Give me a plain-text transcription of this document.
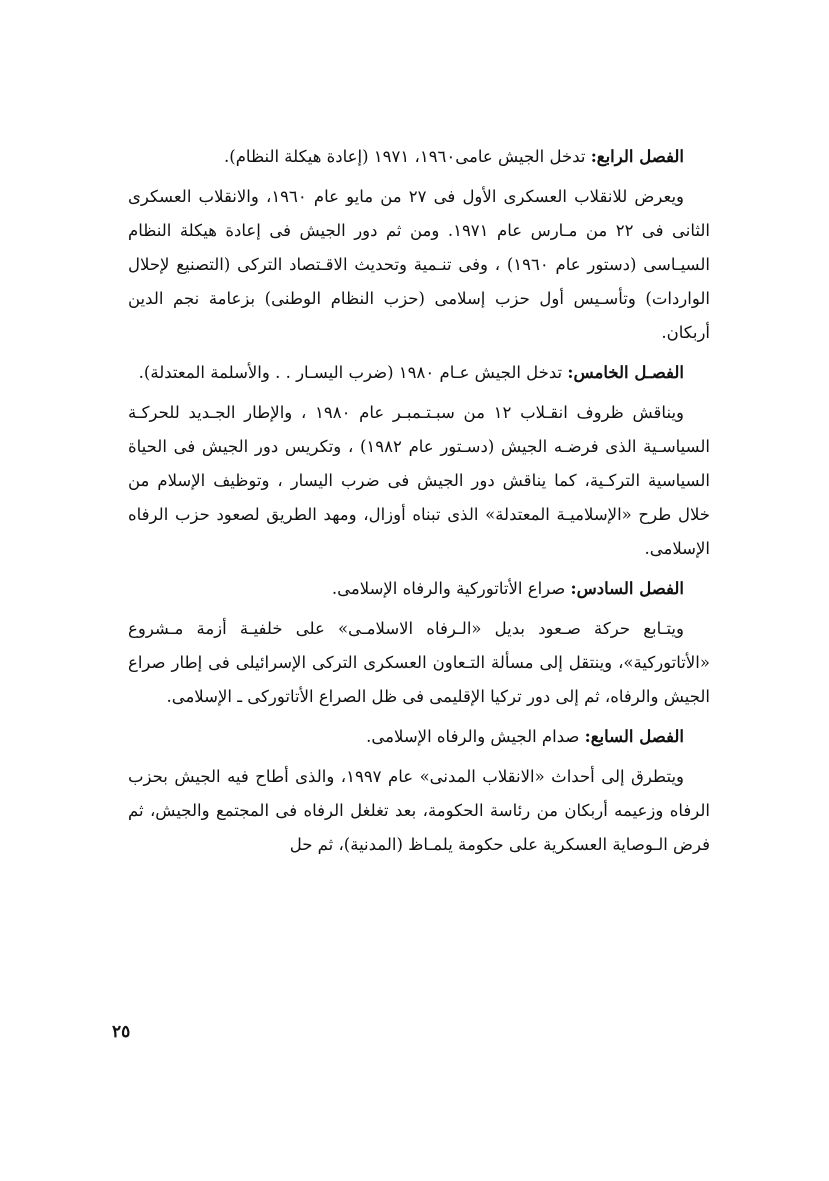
الفصل الرابع: تدخل الجيش عامى١٩٦٠، ١٩٧١ (إعادة هيكلة النظام).

ويعرض للانقلاب العسكرى الأول فى ٢٧ من مايو عام ١٩٦٠، والانقلاب العسكرى الثانى فى ٢٢ من مـارس عام ١٩٧١. ومن ثم دور الجيش فى إعادة هيكلة النظام السيـاسى (دستور عام ١٩٦٠) ، وفى تنـمية وتحديث الاقـتصاد التركى (التصنيع لإحلال الواردات) وتأسـيس أول حزب إسلامى (حزب النظام الوطنى) بزعامة نجم الدين أربكان.

الفصـل الخامس: تدخل الجيش عـام ١٩٨٠ (ضرب اليسـار . . والأسلمة المعتدلة).

ويناقش ظروف انقـلاب ١٢ من سبـتـمبـر عام ١٩٨٠ ، والإطار الجـديد للحركـة السياسـية الذى فرضـه الجيش (دسـتور عام ١٩٨٢) ، وتكريس دور الجيش فى الحياة السياسية التركـية، كما يناقش دور الجيش فى ضرب اليسار ، وتوظيف الإسلام من خلال طرح «الإسلاميـة المعتدلة» الذى تبناه أوزال، ومهد الطريق لصعود حزب الرفاه الإسلامى.

الفصل السادس: صراع الأتاتوركية والرفاه الإسلامى.

ويتـابع حركة صـعود بديل «الـرفاه الاسلامـى» على خلفيـة أزمة مـشروع «الأتاتوركية»، وينتقل إلى مسألة التـعاون العسكرى التركى الإسرائيلى فى إطار صراع الجيش والرفاه، ثم إلى دور تركيا الإقليمى فى ظل الصراع الأتاتوركى ـ الإسلامى.

الفصل السابع: صدام الجيش والرفاه الإسلامى.

ويتطرق إلى أحداث «الانقلاب المدنى» عام ١٩٩٧، والذى أطاح فيه الجيش بحزب الرفاه وزعيمه أربكان من رئاسة الحكومة، بعد تغلغل الرفاه فى المجتمع والجيش، ثم فرض الـوصاية العسكرية على حكومة يلمـاظ (المدنية)، ثم حل

٢٥
